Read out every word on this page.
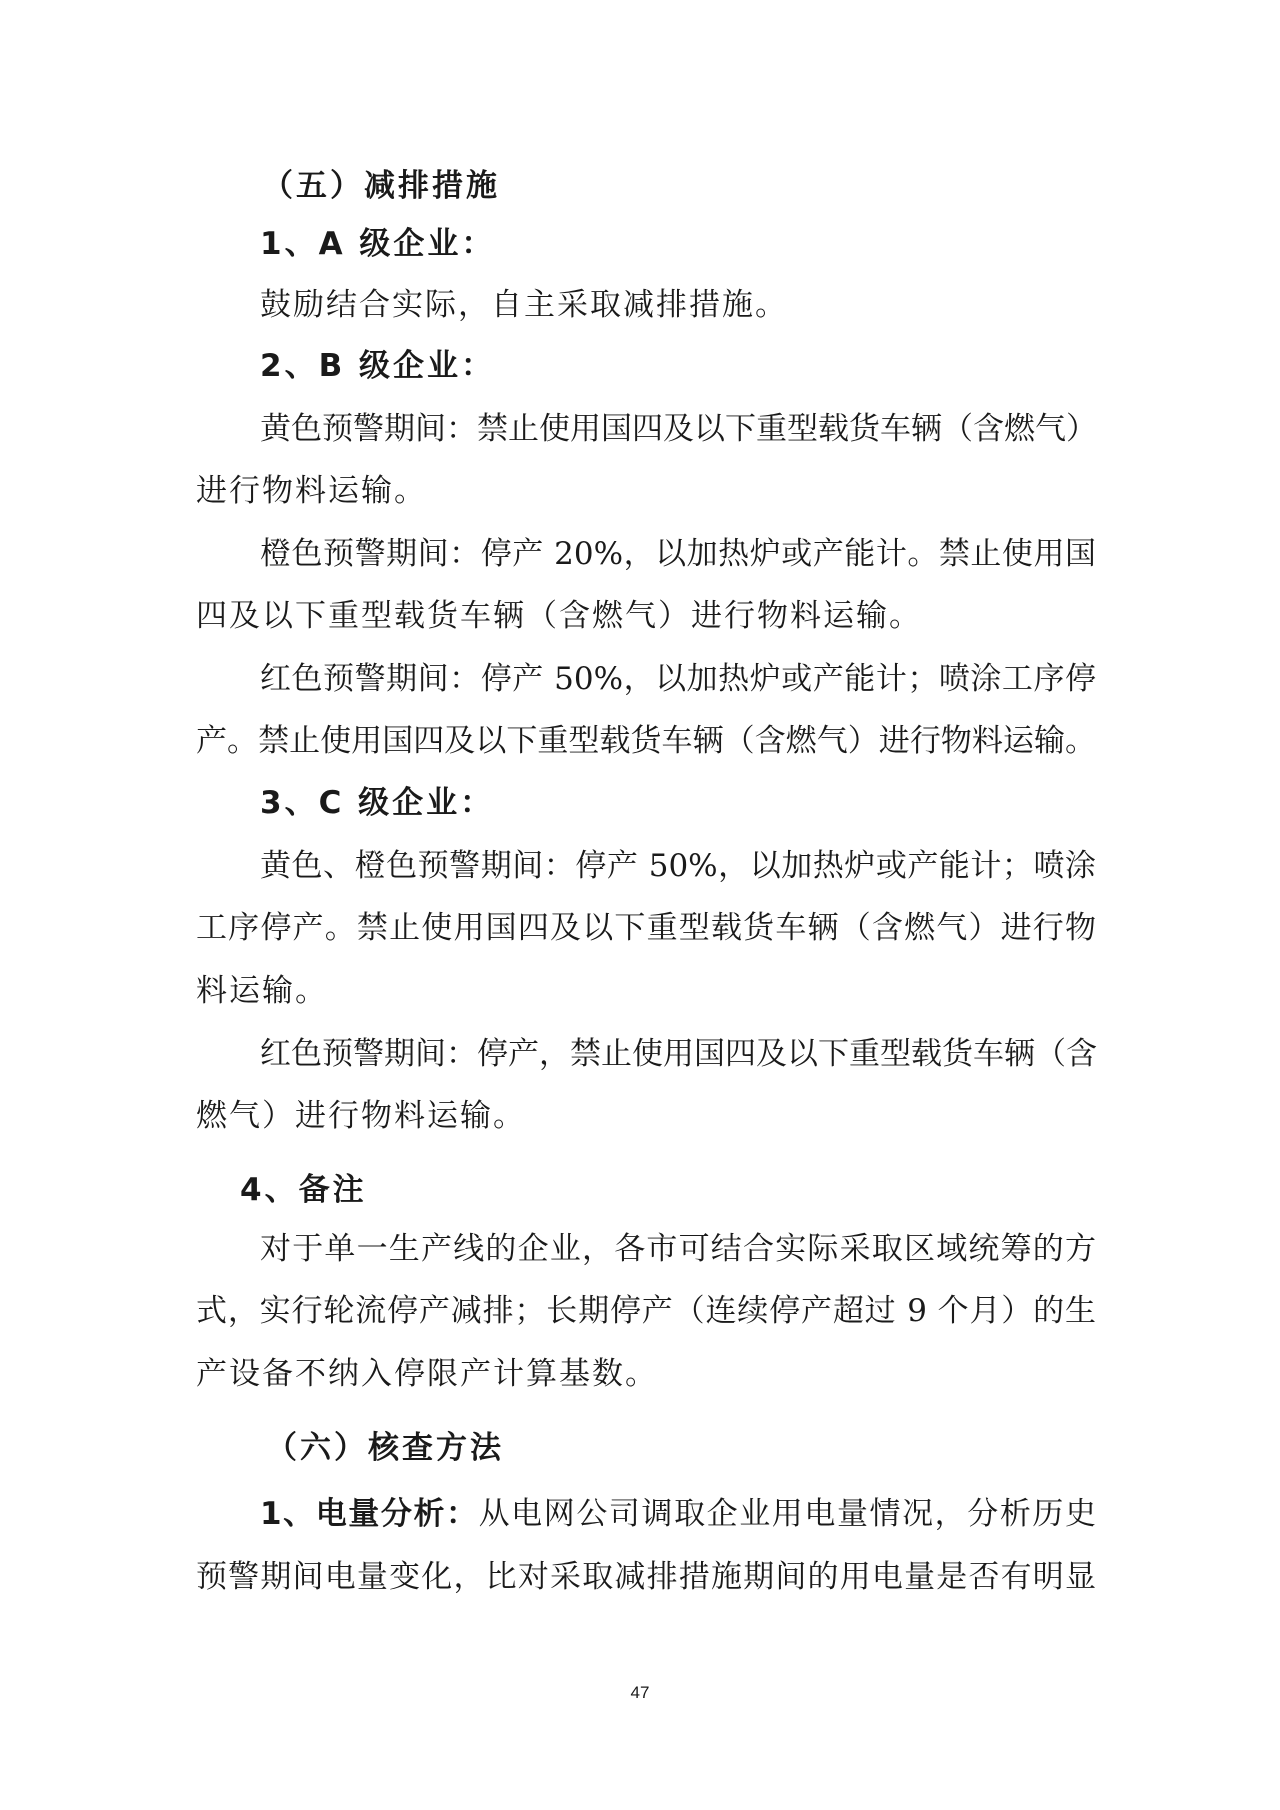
（五）减排措施
1、A 级企业：
鼓励结合实际，自主采取减排措施。
2、B 级企业：
黄色预警期间：禁止使用国四及以下重型载货车辆（含燃气）
进行物料运输。
橙色预警期间：停产 20%，以加热炉或产能计。禁止使用国
四及以下重型载货车辆（含燃气）进行物料运输。
红色预警期间：停产 50%，以加热炉或产能计；喷涂工序停
产。禁止使用国四及以下重型载货车辆（含燃气）进行物料运输。
3、C 级企业：
黄色、橙色预警期间：停产 50%，以加热炉或产能计；喷涂
工序停产。禁止使用国四及以下重型载货车辆（含燃气）进行物
料运输。
红色预警期间：停产，禁止使用国四及以下重型载货车辆（含
燃气）进行物料运输。
4、备注
对于单一生产线的企业，各市可结合实际采取区域统筹的方
式，实行轮流停产减排；长期停产（连续停产超过 9 个月）的生
产设备不纳入停限产计算基数。
（六）核查方法
1、电量分析：从电网公司调取企业用电量情况，分析历史
预警期间电量变化，比对采取减排措施期间的用电量是否有明显
47
